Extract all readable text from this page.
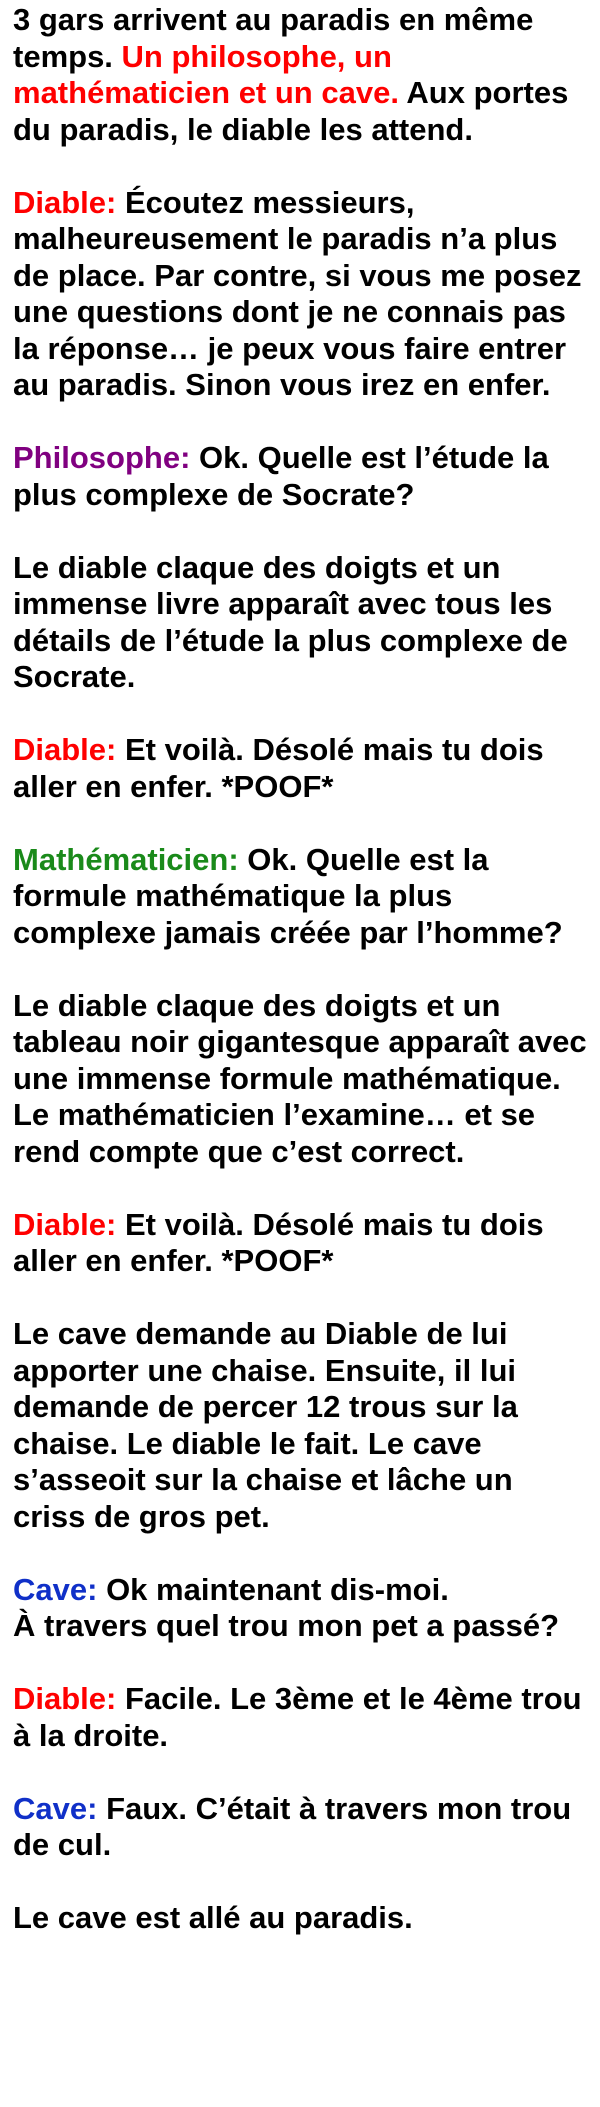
3 gars arrivent au paradis en même temps. Un philosophe, un mathématicien et un cave. Aux portes du paradis, le diable les attend.

Diable: Écoutez messieurs, malheureusement le paradis n’a plus de place. Par contre, si vous me posez une questions dont je ne connais pas la réponse… je peux vous faire entrer au paradis. Sinon vous irez en enfer.

Philosophe: Ok. Quelle est l’étude la plus complexe de Socrate?

Le diable claque des doigts et un immense livre apparaît avec tous les détails de l’étude la plus complexe de Socrate.

Diable: Et voilà. Désolé mais tu dois aller en enfer. *POOF*

Mathématicien: Ok. Quelle est la formule mathématique la plus complexe jamais créée par l’homme?

Le diable claque des doigts et un tableau noir gigantesque apparaît avec une immense formule mathématique. Le mathématicien l’examine… et se rend compte que c’est correct.

Diable: Et voilà. Désolé mais tu dois aller en enfer. *POOF*

Le cave demande au Diable de lui apporter une chaise. Ensuite, il lui demande de percer 12 trous sur la chaise. Le diable le fait. Le cave s’asseoit sur la chaise et lâche un criss de gros pet.

Cave: Ok maintenant dis-moi.
À travers quel trou mon pet a passé?

Diable: Facile. Le 3ème et le 4ème trou à la droite.

Cave: Faux. C’était à travers mon trou de cul.

Le cave est allé au paradis.
